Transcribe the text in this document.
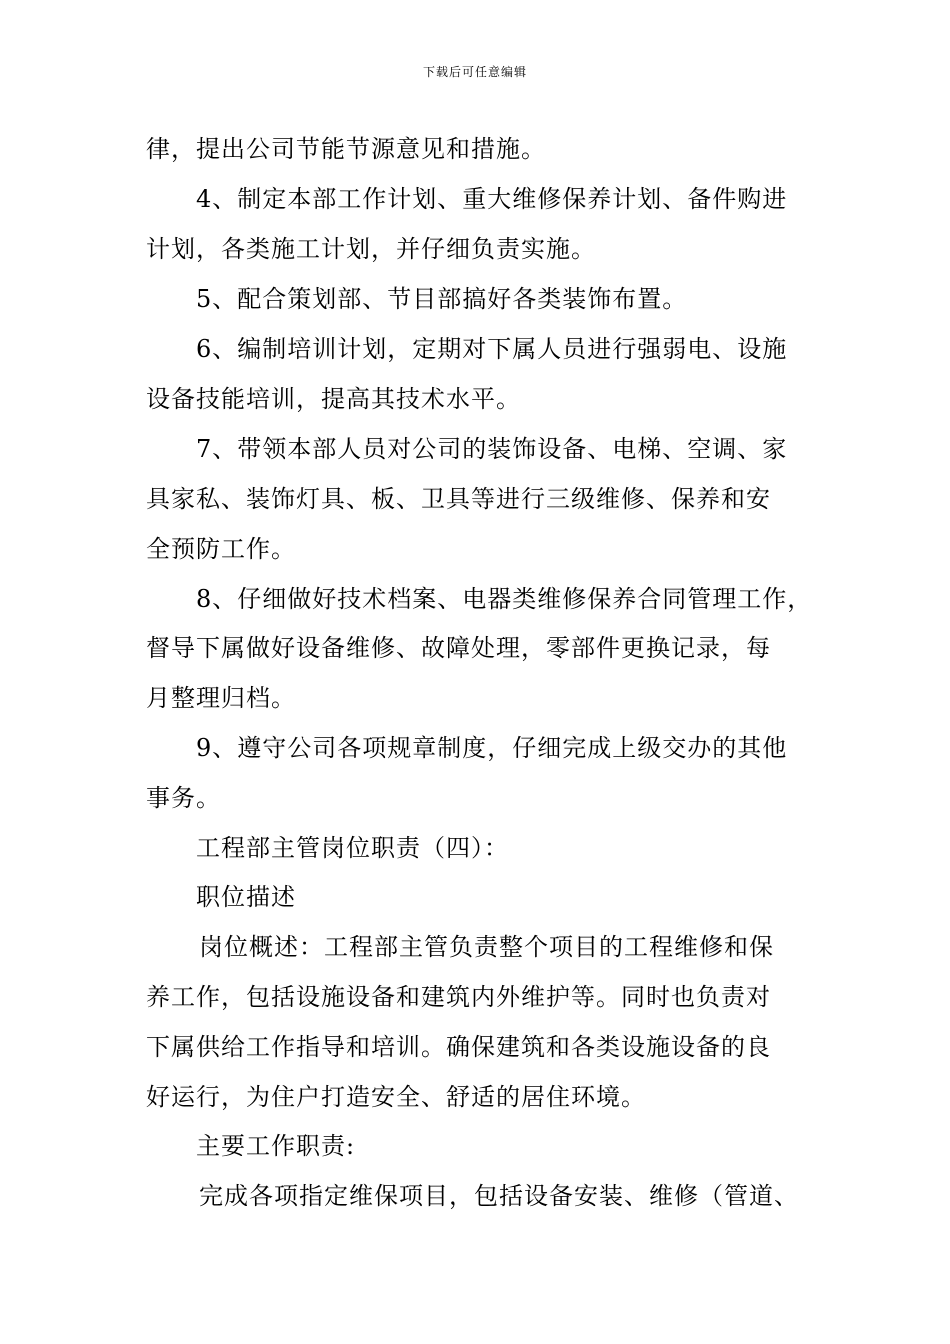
下载后可任意编辑
律，提出公司节能节源意见和措施。
4、制定本部工作计划、重大维修保养计划、备件购进
计划，各类施工计划，并仔细负责实施。
5、配合策划部、节目部搞好各类装饰布置。
6、编制培训计划，定期对下属人员进行强弱电、设施
设备技能培训，提高其技术水平。
7、带领本部人员对公司的装饰设备、电梯、空调、家
具家私、装饰灯具、板、卫具等进行三级维修、保养和安
全预防工作。
8、仔细做好技术档案、电器类维修保养合同管理工作，
督导下属做好设备维修、故障处理，零部件更换记录，每
月整理归档。
9、遵守公司各项规章制度，仔细完成上级交办的其他
事务。
工程部主管岗位职责（四）：
职位描述
岗位概述：工程部主管负责整个项目的工程维修和保
养工作，包括设施设备和建筑内外维护等。同时也负责对
下属供给工作指导和培训。确保建筑和各类设施设备的良
好运行，为住户打造安全、舒适的居住环境。
主要工作职责:
完成各项指定维保项目，包括设备安装、维修（管道、
